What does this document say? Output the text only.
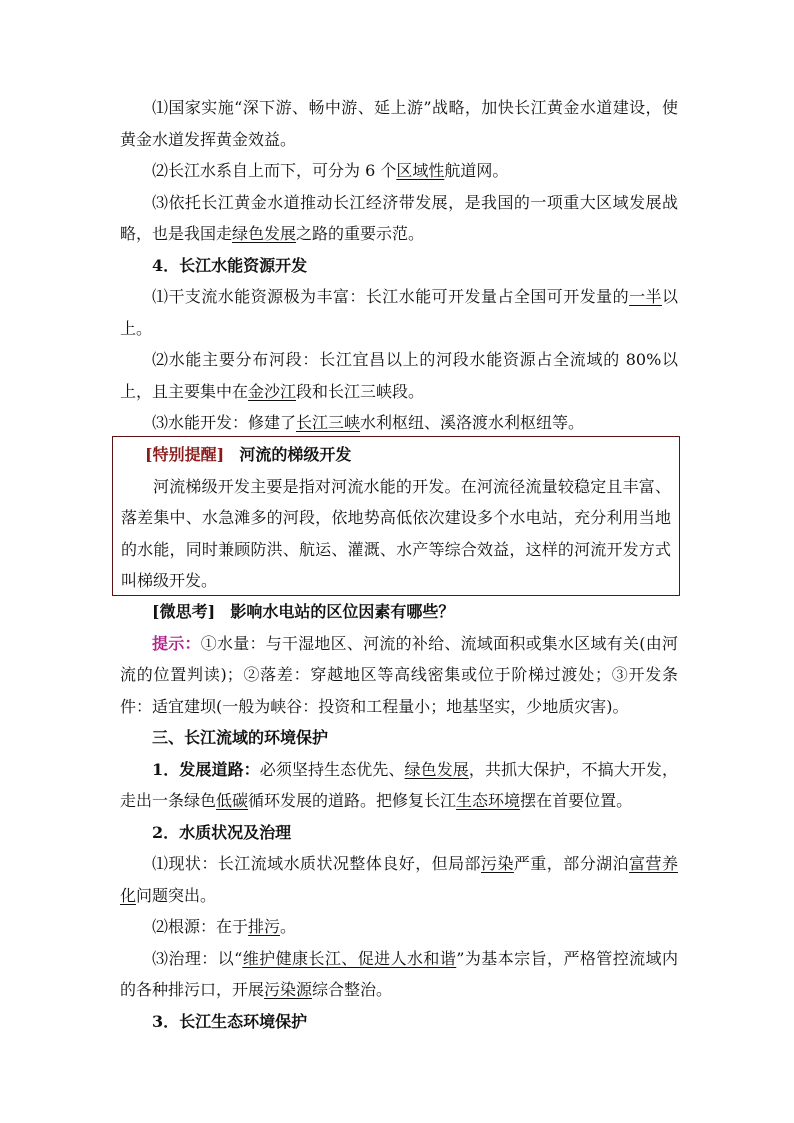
⑴国家实施“深下游、畅中游、延上游”战略，加快长江黄金水道建设，使黄金水道发挥黄金效益。

⑵长江水系自上而下，可分为 6 个区域性航道网。

⑶依托长江黄金水道推动长江经济带发展，是我国的一项重大区域发展战略，也是我国走绿色发展之路的重要示范。

4．长江水能资源开发

⑴干支流水能资源极为丰富：长江水能可开发量占全国可开发量的一半以上。

⑵水能主要分布河段：长江宜昌以上的河段水能资源占全流域的 80%以上，且主要集中在金沙江段和长江三峡段。

⑶水能开发：修建了长江三峡水利枢纽、溪洛渡水利枢纽等。

[特别提醒] 河流的梯级开发

河流梯级开发主要是指对河流水能的开发。在河流径流量较稳定且丰富、落差集中、水急滩多的河段，依地势高低依次建设多个水电站，充分利用当地的水能，同时兼顾防洪、航运、灌溉、水产等综合效益，这样的河流开发方式叫梯级开发。

[微思考] 影响水电站的区位因素有哪些？

提示：①水量：与干湿地区、河流的补给、流域面积或集水区域有关(由河流的位置判读)；②落差：穿越地区等高线密集或位于阶梯过渡处；③开发条件：适宜建坝(一般为峡谷：投资和工程量小；地基坚实，少地质灾害)。

三、长江流域的环境保护

1．发展道路：必须坚持生态优先、绿色发展，共抓大保护，不搞大开发，走出一条绿色低碳循环发展的道路。把修复长江生态环境摆在首要位置。

2．水质状况及治理

⑴现状：长江流域水质状况整体良好，但局部污染严重，部分湖泊富营养化问题突出。

⑵根源：在于排污。

⑶治理：以“维护健康长江、促进人水和谐”为基本宗旨，严格管控流域内的各种排污口，开展污染源综合整治。

3．长江生态环境保护
